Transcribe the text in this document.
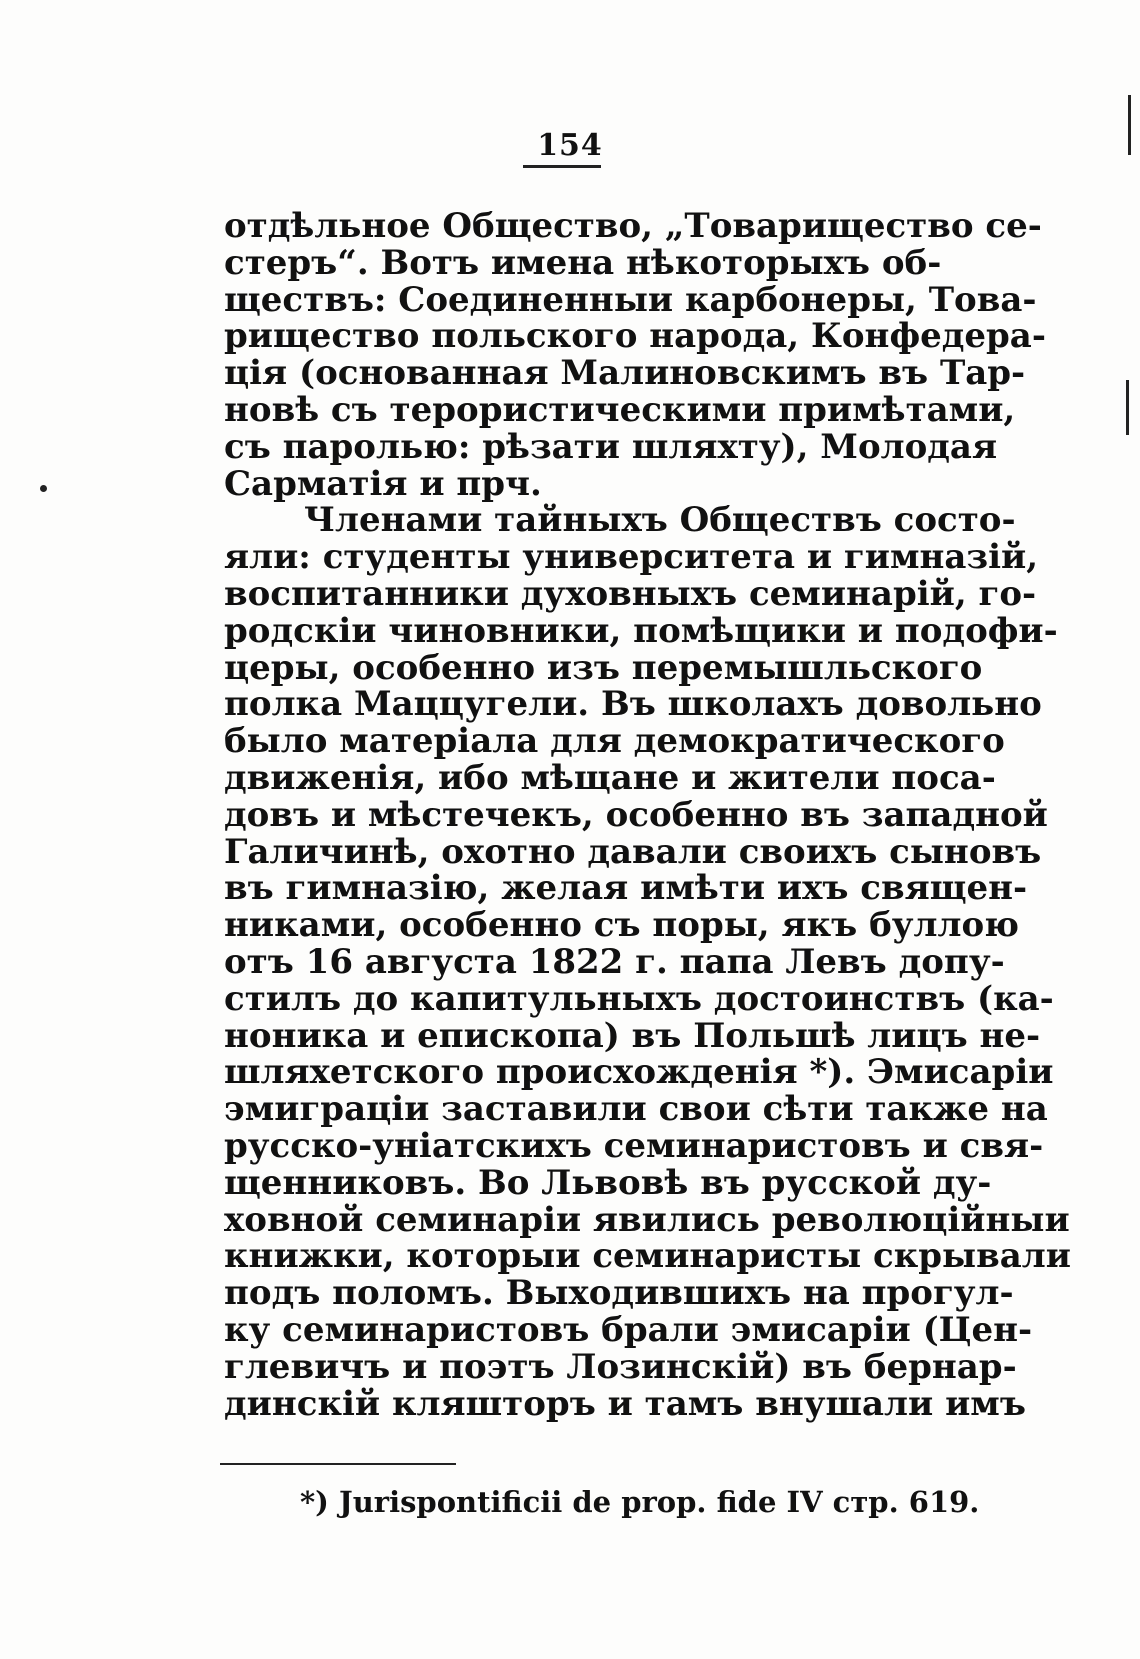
154
отдѣльное Общество, „Товарищество се-
стеръ“. Вотъ имена нѣкоторыхъ об-
ществъ: Соединенныи карбонеры, Това-
рищество польского народа, Конфедера-
ція (основанная Малиновскимъ въ Тар-
новѣ съ терористическими примѣтами,
съ паролью: рѣзати шляхту), Молодая
Сарматія и прч.
Членами тайныхъ Обществъ состо-
яли: студенты университета и гимназій,
воспитанники духовныхъ семинарій, го-
родскіи чиновники, помѣщики и подофи-
церы, особенно изъ перемышльского
полка Маццугели. Въ школахъ довольно
было матеріала для демократического
движенія, ибо мѣщане и жители поса-
довъ и мѣстечекъ, особенно въ западной
Галичинѣ, охотно давали своихъ сыновъ
въ гимназію, желая имѣти ихъ священ-
никами, особенно съ поры, якъ буллою
отъ 16 августа 1822 г. папа Левъ допу-
стилъ до капитульныхъ достоинствъ (ка-
ноника и епископа) въ Польшѣ лицъ не-
шляхетского происхожденія *). Эмисаріи
эмиграціи заставили свои сѣти также на
русско-уніатскихъ семинаристовъ и свя-
щенниковъ. Во Львовѣ въ русской ду-
ховной семинаріи явились революційныи
книжки, которыи семинаристы скрывали
подъ поломъ. Выходившихъ на прогул-
ку семинаристовъ брали эмисаріи (Цен-
глевичъ и поэтъ Лозинскій) въ бернар-
динскій кляшторъ и тамъ внушали имъ
*) Jurispontificii de prop. fide IV стр. 619.
